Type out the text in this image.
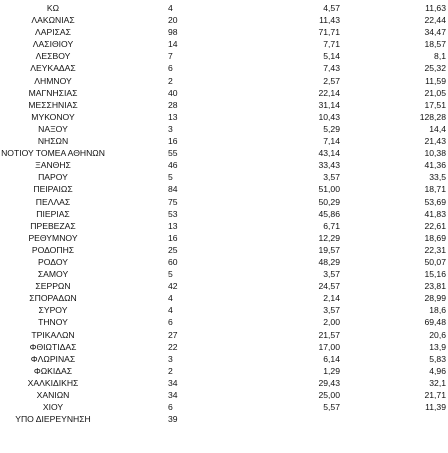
ΚΩ	4	4,57	11,63
ΛΑΚΩΝΙΑΣ	20	11,43	22,44
ΛΑΡΙΣΑΣ	98	71,71	34,47
ΛΑΣΙΘΙΟΥ	14	7,71	18,57
ΛΕΣΒΟΥ	7	5,14	8,1
ΛΕΥΚΑΔΑΣ	6	7,43	25,32
ΛΗΜΝΟΥ	2	2,57	11,59
ΜΑΓΝΗΣΙΑΣ	40	22,14	21,05
ΜΕΣΣΗΝΙΑΣ	28	31,14	17,51
ΜΥΚΟΝΟΥ	13	10,43	128,28
ΝΑΞΟΥ	3	5,29	14,4
ΝΗΣΩΝ	16	7,14	21,43
ΝΟΤΙΟΥ ΤΟΜΕΑ ΑΘΗΝΩΝ	55	43,14	10,38
ΞΑΝΘΗΣ	46	33,43	41,36
ΠΑΡΟΥ	5	3,57	33,5
ΠΕΙΡΑΙΩΣ	84	51,00	18,71
ΠΕΛΛΑΣ	75	50,29	53,69
ΠΙΕΡΙΑΣ	53	45,86	41,83
ΠΡΕΒΕΖΑΣ	13	6,71	22,61
ΡΕΘΥΜΝΟΥ	16	12,29	18,69
ΡΟΔΟΠΗΣ	25	19,57	22,31
ΡΟΔΟΥ	60	48,29	50,07
ΣΑΜΟΥ	5	3,57	15,16
ΣΕΡΡΩΝ	42	24,57	23,81
ΣΠΟΡΑΔΩΝ	4	2,14	28,99
ΣΥΡΟΥ	4	3,57	18,6
ΤΗΝΟΥ	6	2,00	69,48
ΤΡΙΚΑΛΩΝ	27	21,57	20,6
ΦΘΙΩΤΙΔΑΣ	22	17,00	13,9
ΦΛΩΡΙΝΑΣ	3	6,14	5,83
ΦΩΚΙΔΑΣ	2	1,29	4,96
ΧΑΛΚΙΔΙΚΗΣ	34	29,43	32,1
ΧΑΝΙΩΝ	34	25,00	21,71
ΧΙΟΥ	6	5,57	11,39
ΥΠΟ ΔΙΕΡΕΥΝΗΣΗ	39
